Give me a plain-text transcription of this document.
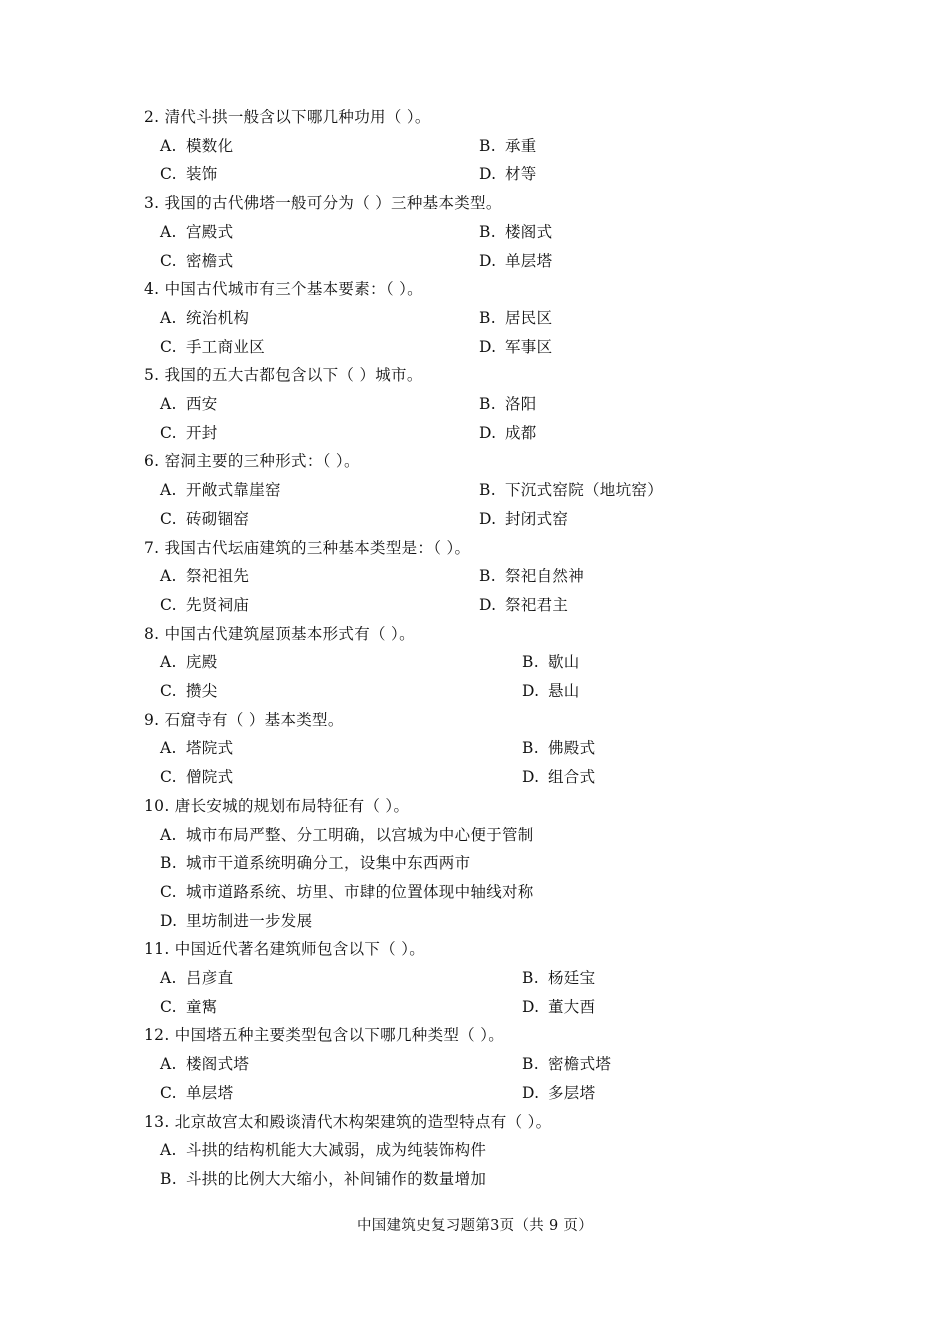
2. 清代斗拱一般含以下哪几种功用（ ）。
A. 模数化	B. 承重
C. 装饰	D. 材等
3. 我国的古代佛塔一般可分为（ ）三种基本类型。
A. 宫殿式	B. 楼阁式
C. 密檐式	D. 单层塔
4. 中国古代城市有三个基本要素：（ ）。
A. 统治机构	B. 居民区
C. 手工商业区	D. 军事区
5. 我国的五大古都包含以下（ ）城市。
A. 西安	B. 洛阳
C. 开封	D. 成都
6. 窑洞主要的三种形式：（ ）。
A. 开敞式靠崖窑	B. 下沉式窑院（地坑窑）
C. 砖砌锢窑	D. 封闭式窑
7. 我国古代坛庙建筑的三种基本类型是：（ ）。
A. 祭祀祖先	B. 祭祀自然神
C. 先贤祠庙	D. 祭祀君主
8. 中国古代建筑屋顶基本形式有（ ）。
A. 庑殿	B. 歇山
C. 攒尖	D. 悬山
9. 石窟寺有（ ）基本类型。
A. 塔院式	B. 佛殿式
C. 僧院式	D. 组合式
10. 唐长安城的规划布局特征有（ ）。
A. 城市布局严整、分工明确，以宫城为中心便于管制
B. 城市干道系统明确分工，设集中东西两市
C. 城市道路系统、坊里、市肆的位置体现中轴线对称
D. 里坊制进一步发展
11. 中国近代著名建筑师包含以下（ ）。
A. 吕彦直	B. 杨廷宝
C. 童寯	D. 董大酉
12. 中国塔五种主要类型包含以下哪几种类型（ ）。
A. 楼阁式塔	B. 密檐式塔
C. 单层塔	D. 多层塔
13. 北京故宫太和殿谈清代木构架建筑的造型特点有（ ）。
A. 斗拱的结构机能大大减弱，成为纯装饰构件
B. 斗拱的比例大大缩小，补间铺作的数量增加
中国建筑史复习题第3页（共 9 页）
